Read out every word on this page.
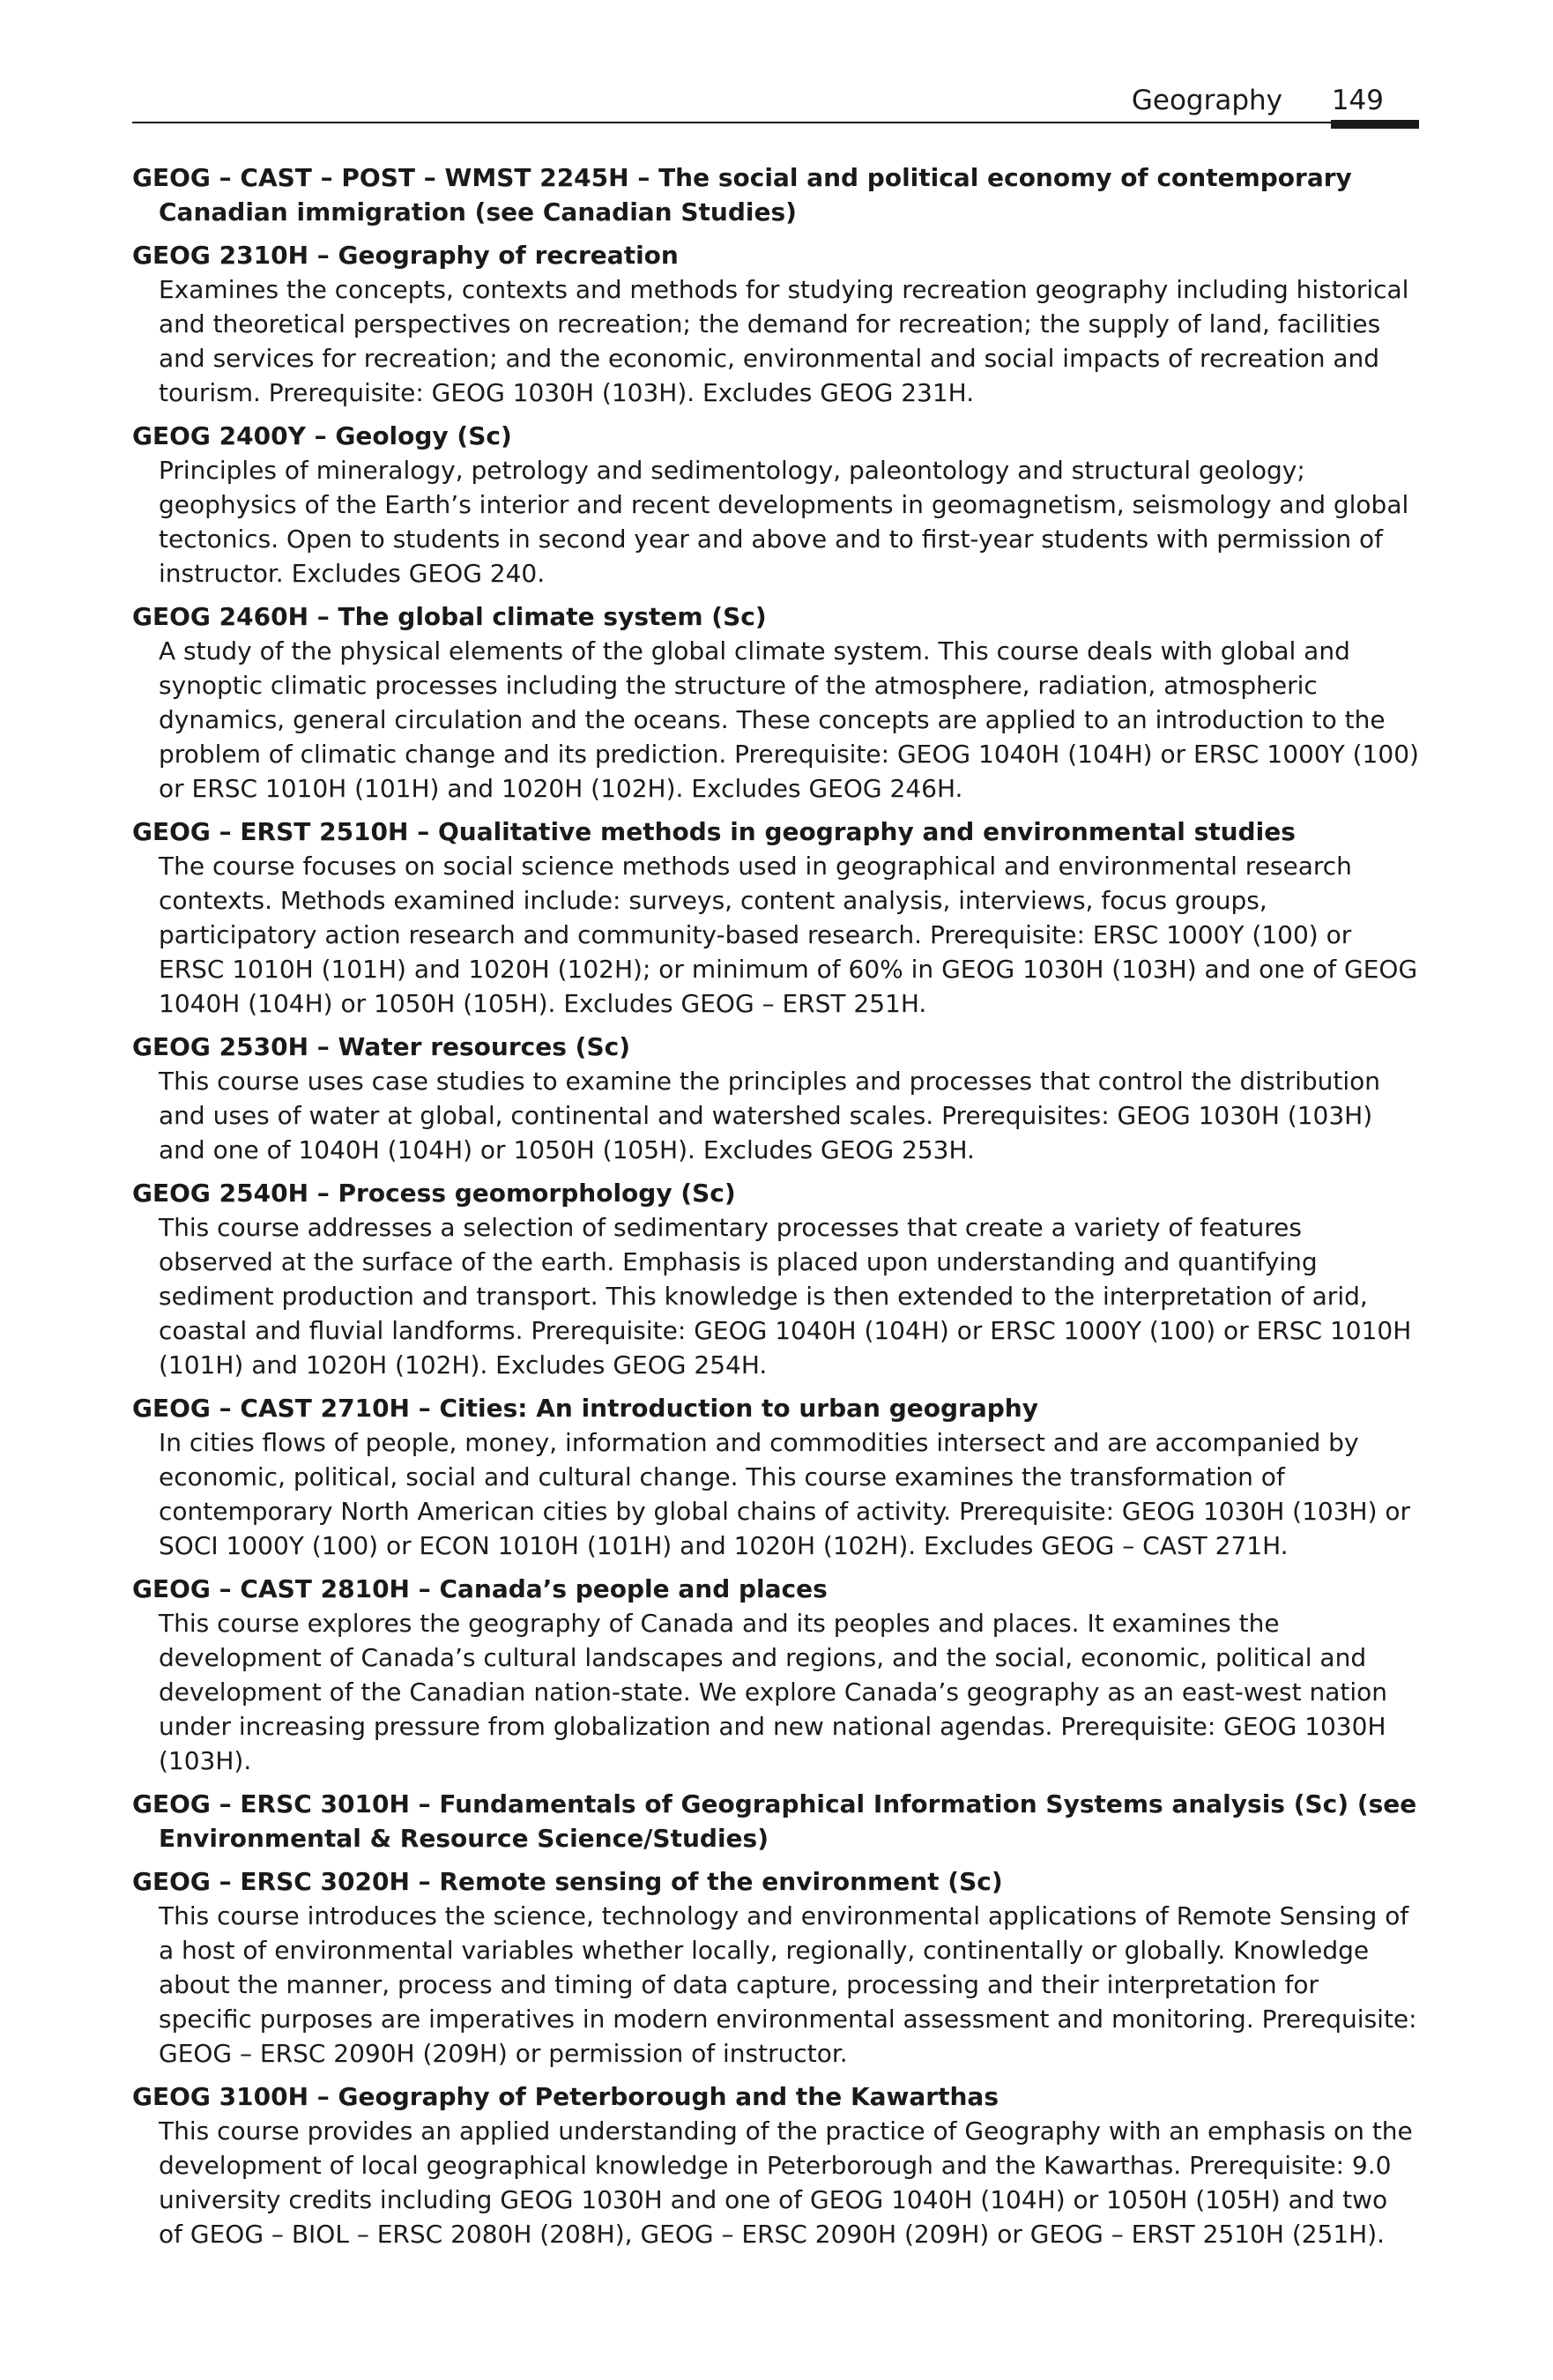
Geography 149

GEOG – CAST – POST – WMST 2245H – The social and political economy of contemporary Canadian immigration (see Canadian Studies)

GEOG 2310H – Geography of recreation

Examines the concepts, contexts and methods for studying recreation geography including historical and theoretical perspectives on recreation; the demand for recreation; the supply of land, facilities and services for recreation; and the economic, environmental and social impacts of recreation and tourism. Prerequisite: GEOG 1030H (103H). Excludes GEOG 231H.

GEOG 2400Y – Geology (Sc)

Principles of mineralogy, petrology and sedimentology, paleontology and structural geology; geophysics of the Earth’s interior and recent developments in geomagnetism, seismology and global tectonics. Open to students in second year and above and to first-year students with permission of instructor. Excludes GEOG 240.

GEOG 2460H – The global climate system (Sc)

A study of the physical elements of the global climate system. This course deals with global and synoptic climatic processes including the structure of the atmosphere, radiation, atmospheric dynamics, general circulation and the oceans. These concepts are applied to an introduction to the problem of climatic change and its prediction. Prerequisite: GEOG 1040H (104H) or ERSC 1000Y (100) or ERSC 1010H (101H) and 1020H (102H). Excludes GEOG 246H.

GEOG – ERST 2510H – Qualitative methods in geography and environmental studies

The course focuses on social science methods used in geographical and environmental research contexts. Methods examined include: surveys, content analysis, interviews, focus groups, participatory action research and community-based research. Prerequisite: ERSC 1000Y (100) or ERSC 1010H (101H) and 1020H (102H); or minimum of 60% in GEOG 1030H (103H) and one of GEOG 1040H (104H) or 1050H (105H). Excludes GEOG – ERST 251H.

GEOG 2530H – Water resources (Sc)

This course uses case studies to examine the principles and processes that control the distribution and uses of water at global, continental and watershed scales. Prerequisites: GEOG 1030H (103H) and one of 1040H (104H) or 1050H (105H). Excludes GEOG 253H.

GEOG 2540H – Process geomorphology (Sc)

This course addresses a selection of sedimentary processes that create a variety of features observed at the surface of the earth. Emphasis is placed upon understanding and quantifying sediment production and transport. This knowledge is then extended to the interpretation of arid, coastal and fluvial landforms. Prerequisite: GEOG 1040H (104H) or ERSC 1000Y (100) or ERSC 1010H (101H) and 1020H (102H). Excludes GEOG 254H.

GEOG – CAST 2710H – Cities: An introduction to urban geography

In cities flows of people, money, information and commodities intersect and are accompanied by economic, political, social and cultural change. This course examines the transformation of contemporary North American cities by global chains of activity. Prerequisite: GEOG 1030H (103H) or SOCI 1000Y (100) or ECON 1010H (101H) and 1020H (102H). Excludes GEOG – CAST 271H.

GEOG – CAST 2810H – Canada’s people and places

This course explores the geography of Canada and its peoples and places. It examines the development of Canada’s cultural landscapes and regions, and the social, economic, political and development of the Canadian nation-state. We explore Canada’s geography as an east-west nation under increasing pressure from globalization and new national agendas. Prerequisite: GEOG 1030H (103H).

GEOG – ERSC 3010H – Fundamentals of Geographical Information Systems analysis (Sc) (see Environmental & Resource Science/Studies)

GEOG – ERSC 3020H – Remote sensing of the environment (Sc)

This course introduces the science, technology and environmental applications of Remote Sensing of a host of environmental variables whether locally, regionally, continentally or globally. Knowledge about the manner, process and timing of data capture, processing and their interpretation for specific purposes are imperatives in modern environmental assessment and monitoring. Prerequisite: GEOG – ERSC 2090H (209H) or permission of instructor.

GEOG 3100H – Geography of Peterborough and the Kawarthas

This course provides an applied understanding of the practice of Geography with an emphasis on the development of local geographical knowledge in Peterborough and the Kawarthas. Prerequisite: 9.0 university credits including GEOG 1030H and one of GEOG 1040H (104H) or 1050H (105H) and two of GEOG – BIOL – ERSC 2080H (208H), GEOG – ERSC 2090H (209H) or GEOG – ERST 2510H (251H).
